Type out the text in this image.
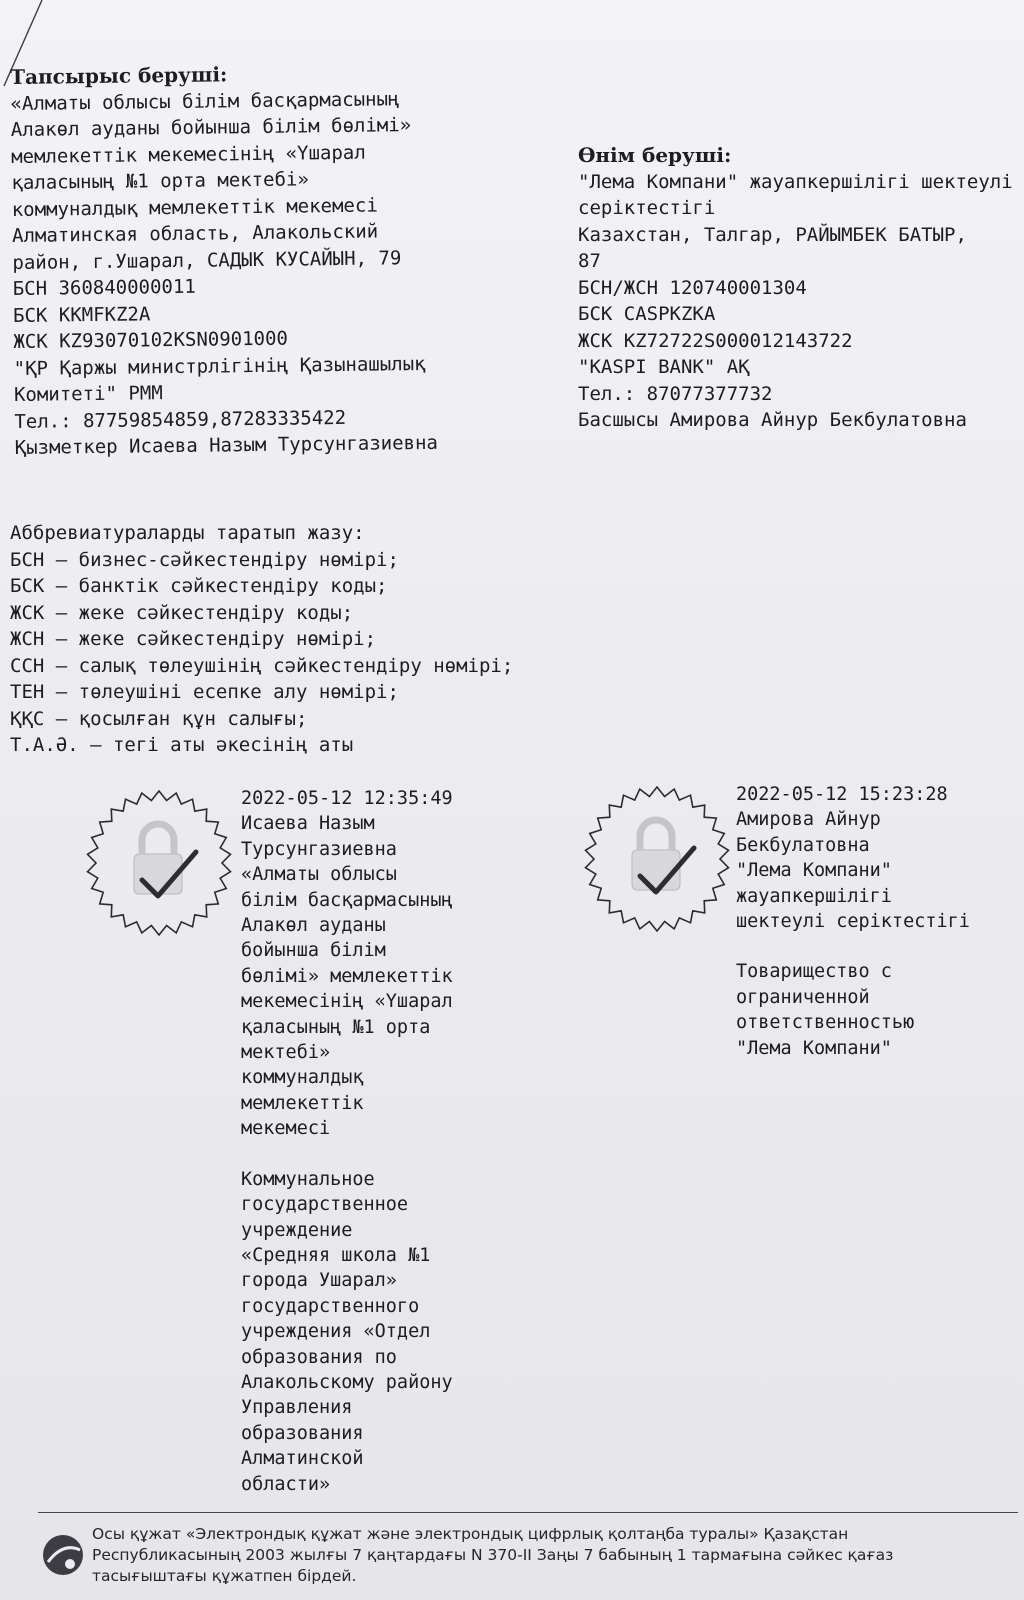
Тапсырыс беруші:
«Алматы облысы білім басқармасының
Алакөл ауданы бойынша білім бөлімі»
мемлекеттік мекемесінің «Үшарал
қаласының №1 орта мектебі»
коммуналдық мемлекеттік мекемесі
Алматинская область, Алакольский
район, г.Ушарал, САДЫК КУСАЙЫН, 79
БСН 360840000011
БСК KKMFKZ2A
ЖСК KZ93070102KSN0901000
"ҚР Қаржы министрлігінің Қазынашылық
Комитеті" РММ
Тел.: 87759854859,87283335422
Қызметкер Исаева Назым Турсунгазиевна
Өнім беруші:
"Лема Компани" жауапкершілігі шектеулі
серіктестігі
Казахстан, Талгар, РАЙЫМБЕК БАТЫР,
87
БСН/ЖСН 120740001304
БСК CASPKZKA
ЖСК KZ72722S000012143722
"KASPI BANK" АҚ
Тел.: 87077377732
Басшысы Амирова Айнур Бекбулатовна
Аббревиатураларды таратып жазу:
БСН – бизнес-сәйкестендіру нөмірі;
БСК – банктік сәйкестендіру коды;
ЖСК – жеке сәйкестендіру коды;
ЖСН – жеке сәйкестендіру нөмірі;
ССН – салық төлеушінің сәйкестендіру нөмірі;
ТЕН – төлеушіні есепке алу нөмірі;
ҚҚС – қосылған құн салығы;
Т.А.Ә. – тегі аты әкесінің аты
2022-05-12 12:35:49
Исаева Назым
Турсунгазиевна
«Алматы облысы
білім басқармасының
Алакөл ауданы
бойынша білім
бөлімі» мемлекеттік
мекемесінің «Үшарал
қаласының №1 орта
мектебі»
коммуналдық
мемлекеттік
мекемесі
Коммунальное
государственное
учреждение
«Средняя школа №1
города Ушарал»
государственного
учреждения «Отдел
образования по
Алакольскому району
Управления
образования
Алматинской
области»
2022-05-12 15:23:28
Амирова Айнур
Бекбулатовна
"Лема Компани"
жауапкершілігі
шектеулі серіктестігі
Товарищество с
ограниченной
ответственностью
"Лема Компани"
Осы құжат «Электрондық құжат және электрондық цифрлық қолтаңба туралы» Қазақстан
Республикасының 2003 жылғы 7 қаңтардағы N 370-II Заңы 7 бабының 1 тармағына сәйкес қағаз
тасығыштағы құжатпен бірдей.
